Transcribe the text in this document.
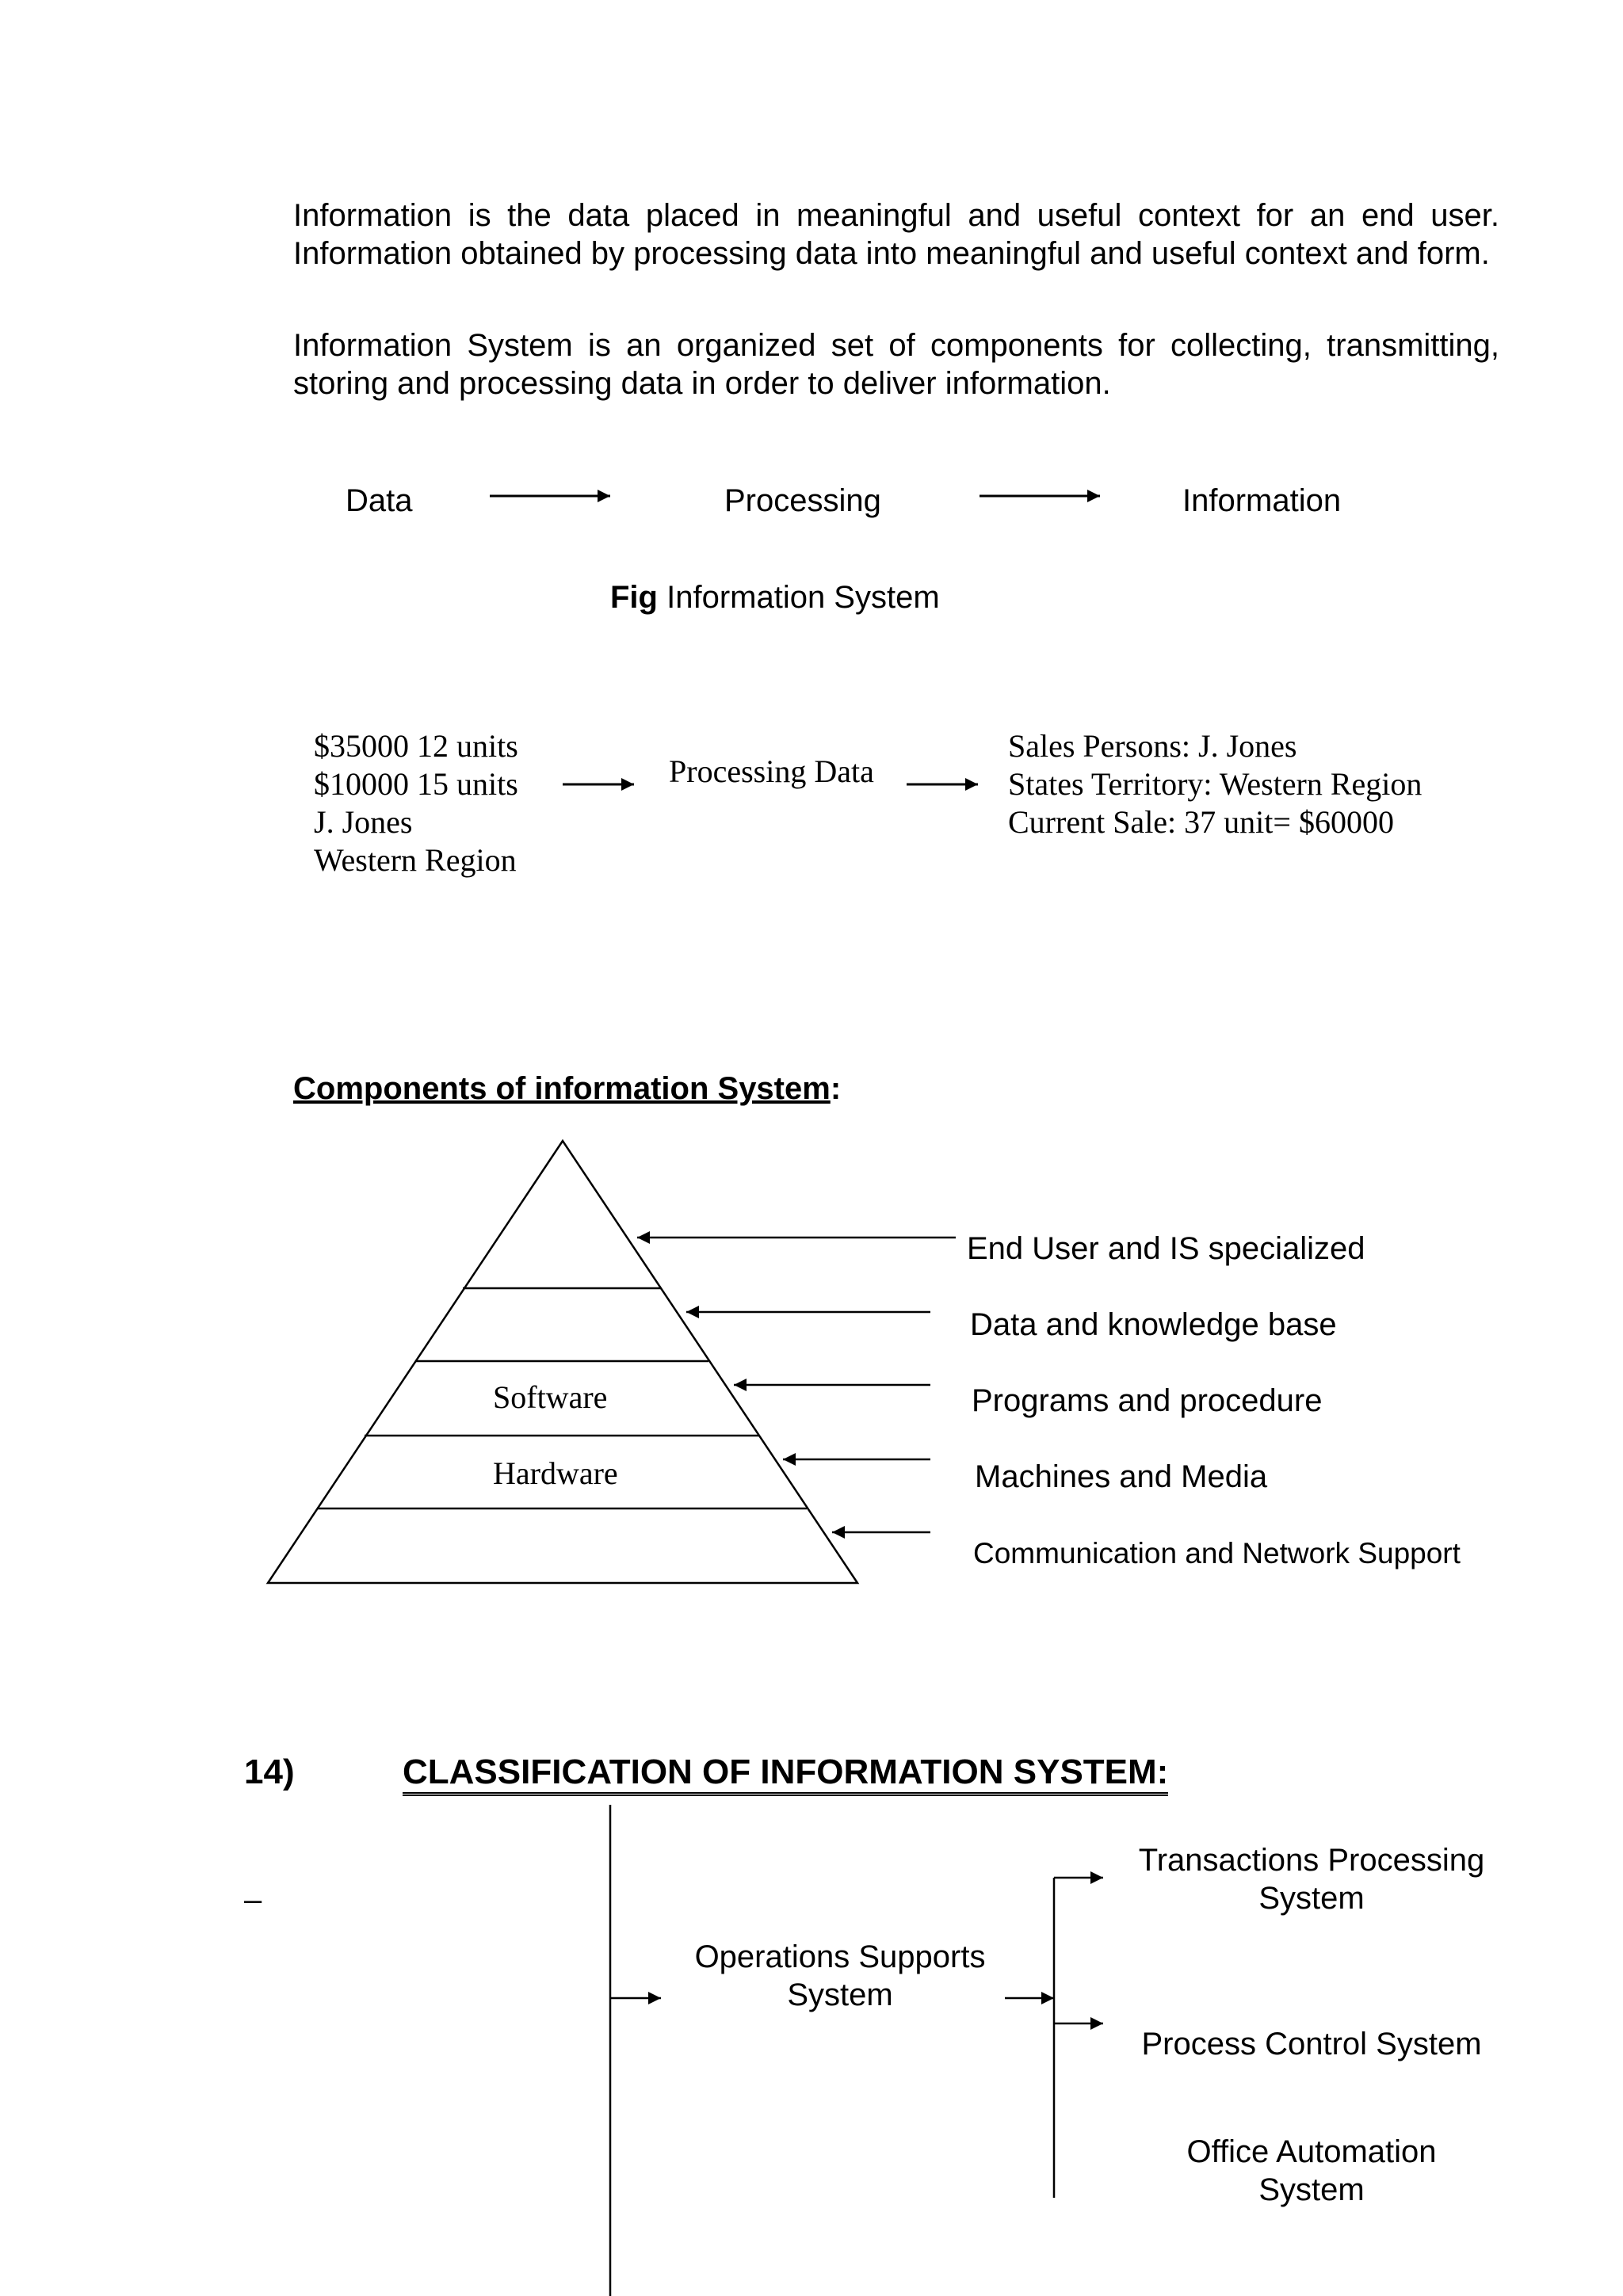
Information is the data placed in meaningful and useful context for an end user. Information obtained by processing data into meaningful and useful context and form.
Information System is an organized set of components for collecting, transmitting, storing and processing data in order to deliver information.
Data	Processing	Information
Fig Information System
$35000 12 units
$10000 15 units
J. Jones
Western Region
Processing Data
Sales Persons: J. Jones
States Territory: Western Region
Current Sale: 37 unit= $60000
Components of information System:
Software
Hardware
End User and IS specialized
Data and knowledge base
Programs and procedure
Machines and Media
Communication and Network Support
14)	CLASSIFICATION OF INFORMATION SYSTEM:
–
Operations Supports System
Transactions Processing System
Process Control System
Office Automation System
